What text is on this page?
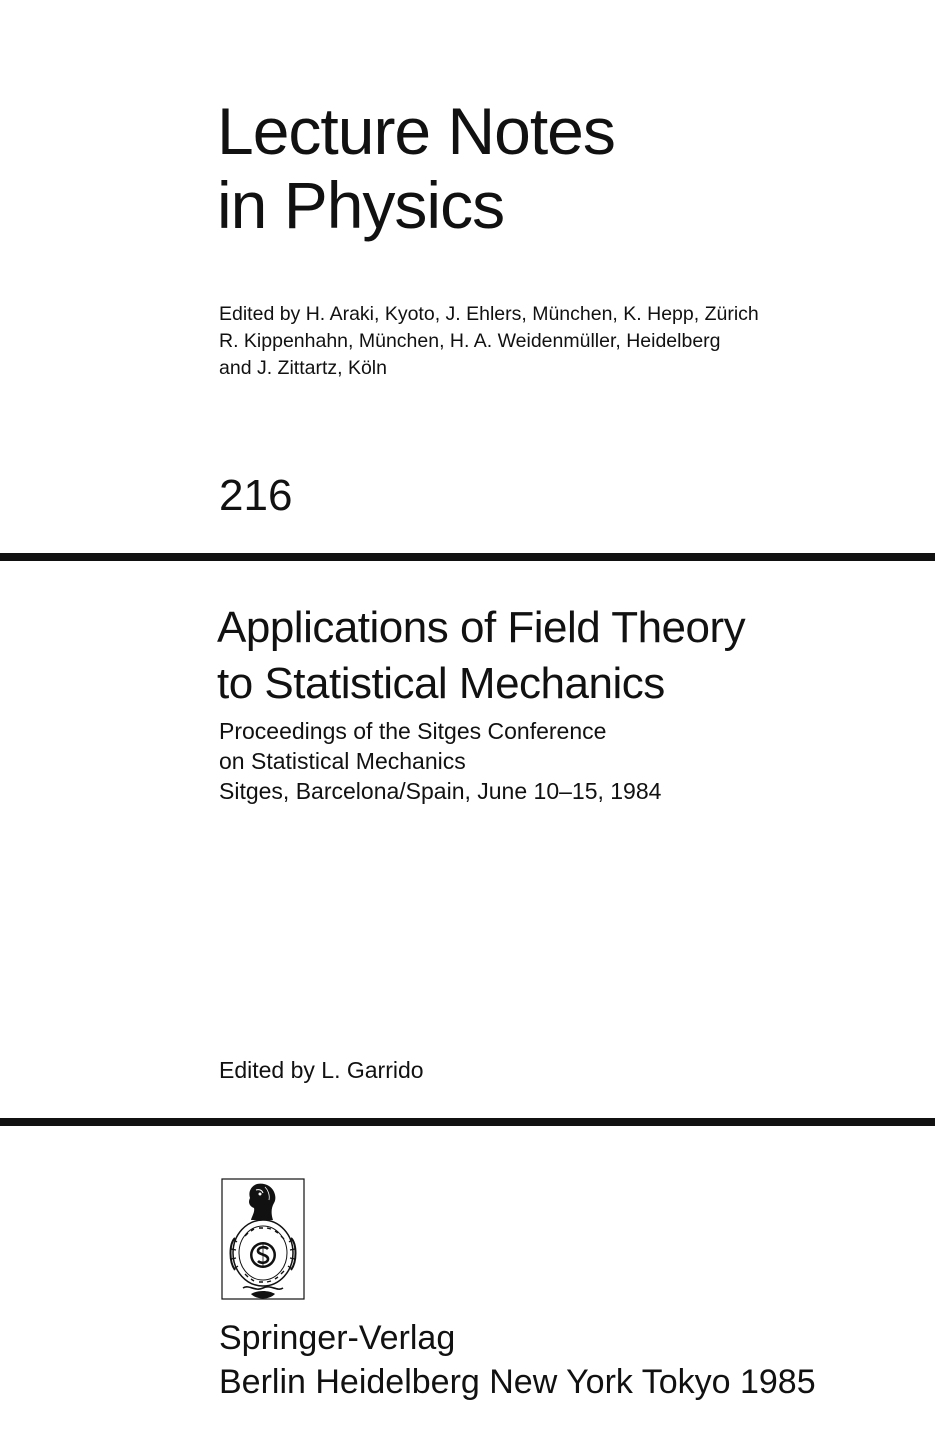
Lecture Notes
in Physics
Edited by H. Araki, Kyoto, J. Ehlers, München, K. Hepp, Zürich
R. Kippenhahn, München, H. A. Weidenmüller, Heidelberg
and J. Zittartz, Köln
216
Applications of Field Theory
to Statistical Mechanics
Proceedings of the Sitges Conference
on Statistical Mechanics
Sitges, Barcelona/Spain, June 10–15, 1984
Edited by L. Garrido
Springer-Verlag
Berlin Heidelberg New York Tokyo 1985
